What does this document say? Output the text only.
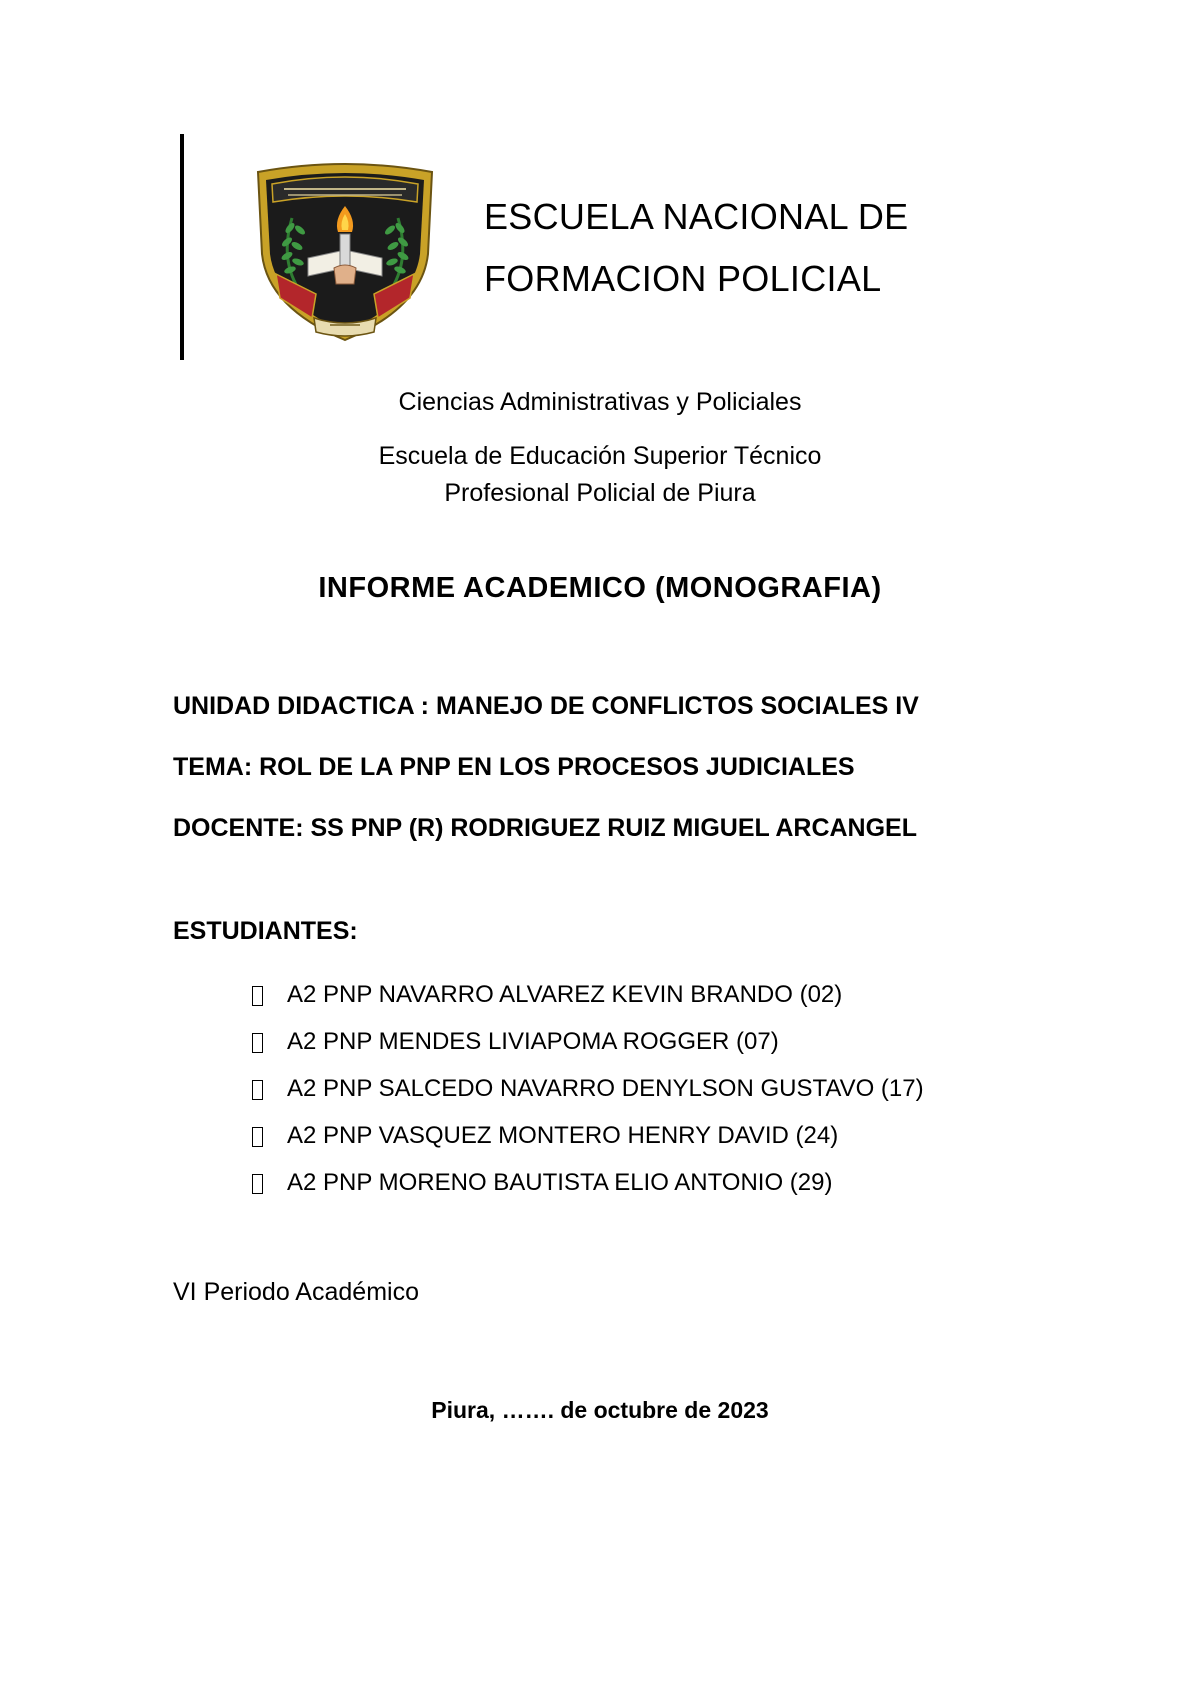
ESCUELA NACIONAL DE
FORMACION POLICIAL
Ciencias Administrativas y Policiales
Escuela de Educación Superior Técnico
Profesional Policial de Piura
INFORME ACADEMICO (MONOGRAFIA)
UNIDAD DIDACTICA : MANEJO DE CONFLICTOS SOCIALES IV
TEMA: ROL DE LA PNP EN LOS PROCESOS JUDICIALES
DOCENTE: SS PNP (R) RODRIGUEZ RUIZ MIGUEL ARCANGEL
ESTUDIANTES:
A2 PNP NAVARRO ALVAREZ KEVIN BRANDO (02)
A2 PNP MENDES LIVIAPOMA ROGGER (07)
A2 PNP SALCEDO NAVARRO DENYLSON GUSTAVO (17)
A2 PNP VASQUEZ MONTERO HENRY DAVID (24)
A2 PNP MORENO BAUTISTA ELIO ANTONIO (29)
VI Periodo Académico
Piura, ……. de octubre de 2023
